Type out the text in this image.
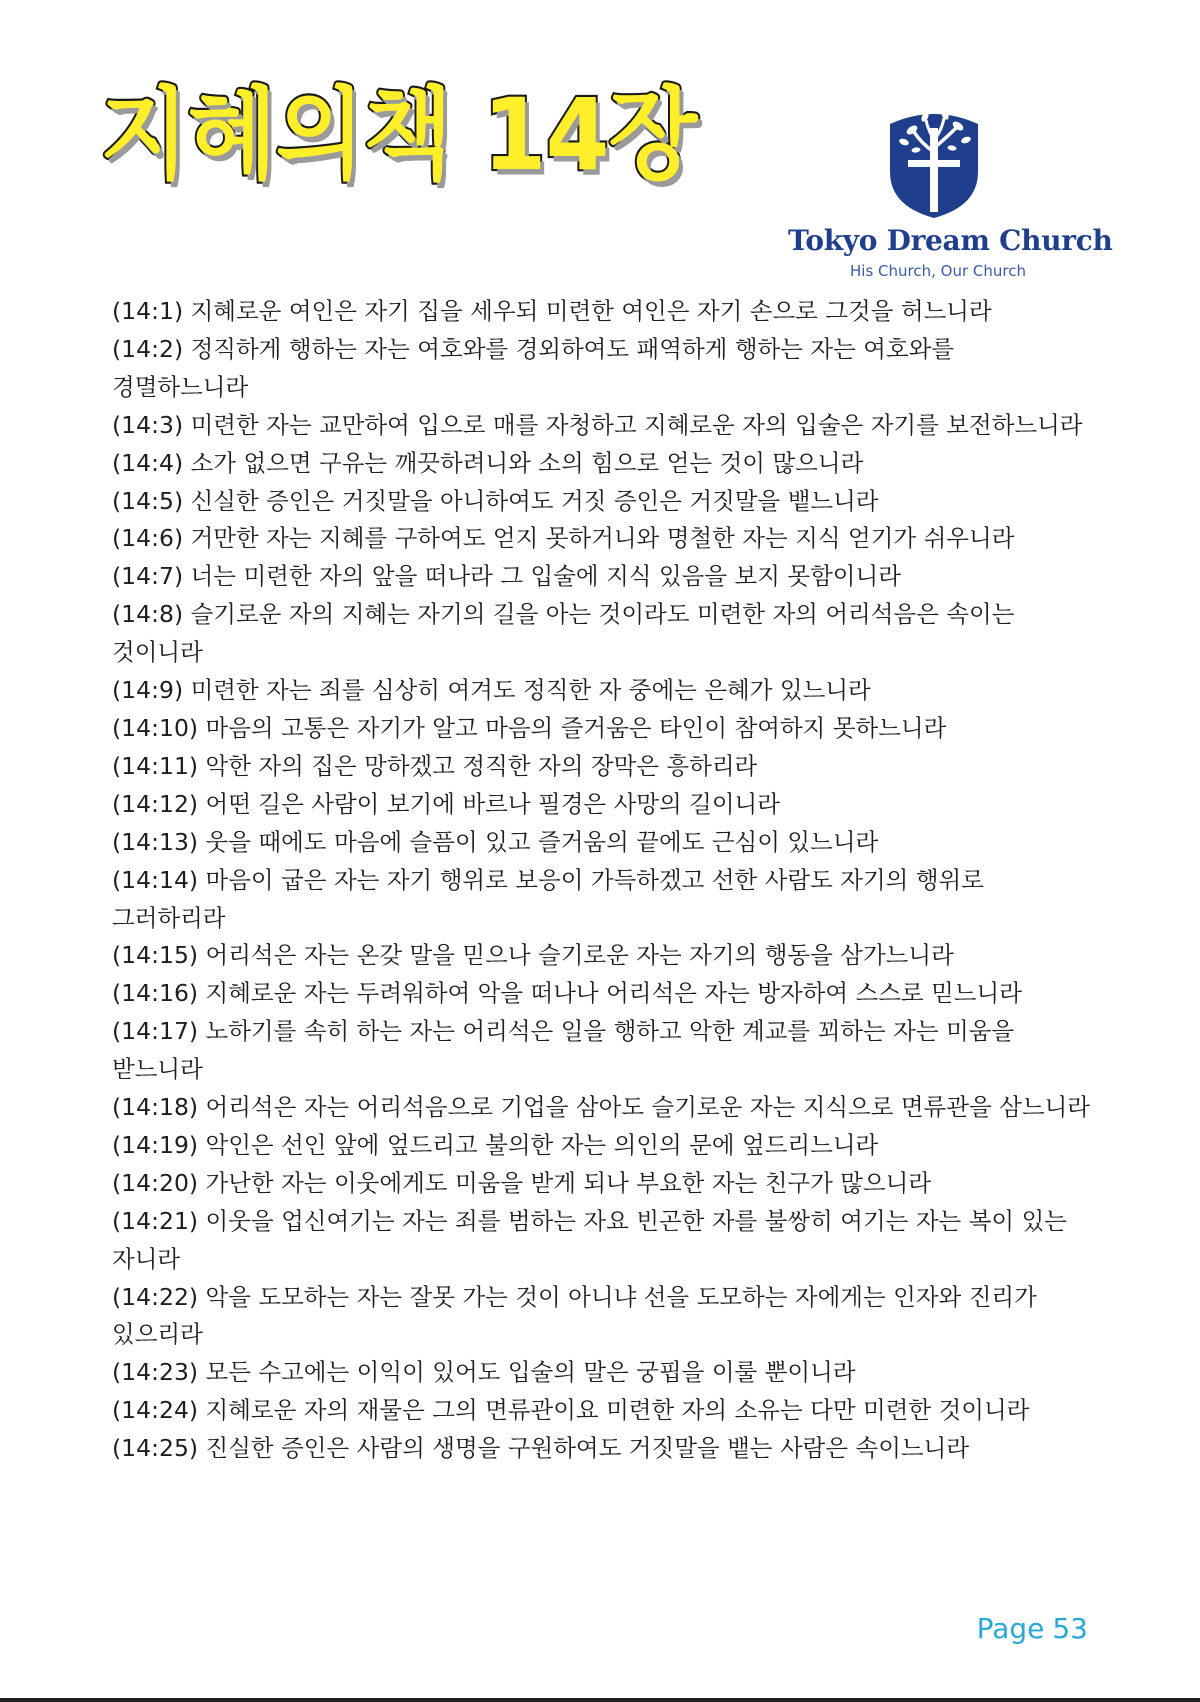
지혜의책 14장
Tokyo Dream Church
His Church, Our Church

(14:1) 지혜로운 여인은 자기 집을 세우되 미련한 여인은 자기 손으로 그것을 허느니라

(14:2) 정직하게 행하는 자는 여호와를 경외하여도 패역하게 행하는 자는 여호와를 경멸하느니라

(14:3) 미련한 자는 교만하여 입으로 매를 자청하고 지혜로운 자의 입술은 자기를 보전하느니라

(14:4) 소가 없으면 구유는 깨끗하려니와 소의 힘으로 얻는 것이 많으니라

(14:5) 신실한 증인은 거짓말을 아니하여도 거짓 증인은 거짓말을 뱉느니라

(14:6) 거만한 자는 지혜를 구하여도 얻지 못하거니와 명철한 자는 지식 얻기가 쉬우니라

(14:7) 너는 미련한 자의 앞을 떠나라 그 입술에 지식 있음을 보지 못함이니라

(14:8) 슬기로운 자의 지혜는 자기의 길을 아는 것이라도 미련한 자의 어리석음은 속이는 것이니라

(14:9) 미련한 자는 죄를 심상히 여겨도 정직한 자 중에는 은혜가 있느니라

(14:10) 마음의 고통은 자기가 알고 마음의 즐거움은 타인이 참여하지 못하느니라

(14:11) 악한 자의 집은 망하겠고 정직한 자의 장막은 흥하리라

(14:12) 어떤 길은 사람이 보기에 바르나 필경은 사망의 길이니라

(14:13) 웃을 때에도 마음에 슬픔이 있고 즐거움의 끝에도 근심이 있느니라

(14:14) 마음이 굽은 자는 자기 행위로 보응이 가득하겠고 선한 사람도 자기의 행위로 그러하리라

(14:15) 어리석은 자는 온갖 말을 믿으나 슬기로운 자는 자기의 행동을 삼가느니라

(14:16) 지혜로운 자는 두려워하여 악을 떠나나 어리석은 자는 방자하여 스스로 믿느니라

(14:17) 노하기를 속히 하는 자는 어리석은 일을 행하고 악한 계교를 꾀하는 자는 미움을 받느니라

(14:18) 어리석은 자는 어리석음으로 기업을 삼아도 슬기로운 자는 지식으로 면류관을 삼느니라

(14:19) 악인은 선인 앞에 엎드리고 불의한 자는 의인의 문에 엎드리느니라

(14:20) 가난한 자는 이웃에게도 미움을 받게 되나 부요한 자는 친구가 많으니라

(14:21) 이웃을 업신여기는 자는 죄를 범하는 자요 빈곤한 자를 불쌍히 여기는 자는 복이 있는 자니라

(14:22) 악을 도모하는 자는 잘못 가는 것이 아니냐 선을 도모하는 자에게는 인자와 진리가 있으리라

(14:23) 모든 수고에는 이익이 있어도 입술의 말은 궁핍을 이룰 뿐이니라

(14:24) 지혜로운 자의 재물은 그의 면류관이요 미련한 자의 소유는 다만 미련한 것이니라

(14:25) 진실한 증인은 사람의 생명을 구원하여도 거짓말을 뱉는 사람은 속이느니라

Page 53
